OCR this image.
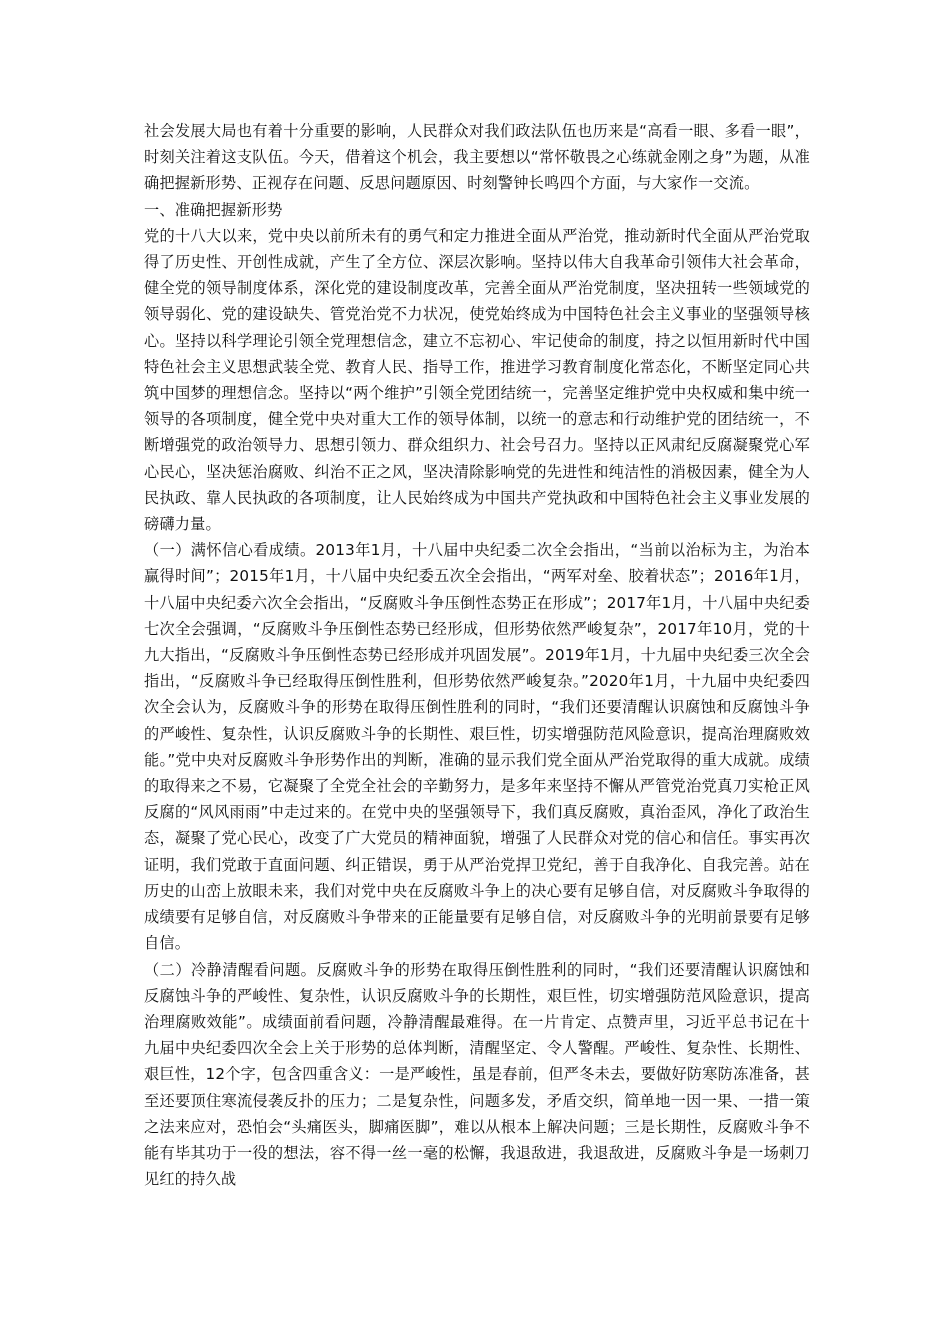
社会发展大局也有着十分重要的影响，人民群众对我们政法队伍也历来是“高看一眼、多看一眼”，时刻关注着这支队伍。今天，借着这个机会，我主要想以“常怀敬畏之心练就金刚之身”为题，从准确把握新形势、正视存在问题、反思问题原因、时刻警钟长鸣四个方面，与大家作一交流。

一、准确把握新形势

党的十八大以来，党中央以前所未有的勇气和定力推进全面从严治党，推动新时代全面从严治党取得了历史性、开创性成就，产生了全方位、深层次影响。坚持以伟大自我革命引领伟大社会革命，健全党的领导制度体系，深化党的建设制度改革，完善全面从严治党制度，坚决扭转一些领域党的领导弱化、党的建设缺失、管党治党不力状况，使党始终成为中国特色社会主义事业的坚强领导核心。坚持以科学理论引领全党理想信念，建立不忘初心、牢记使命的制度，持之以恒用新时代中国特色社会主义思想武装全党、教育人民、指导工作，推进学习教育制度化常态化，不断坚定同心共筑中国梦的理想信念。坚持以“两个维护”引领全党团结统一，完善坚定维护党中央权威和集中统一领导的各项制度，健全党中央对重大工作的领导体制，以统一的意志和行动维护党的团结统一，不断增强党的政治领导力、思想引领力、群众组织力、社会号召力。坚持以正风肃纪反腐凝聚党心军心民心，坚决惩治腐败、纠治不正之风，坚决清除影响党的先进性和纯洁性的消极因素，健全为人民执政、靠人民执政的各项制度，让人民始终成为中国共产党执政和中国特色社会主义事业发展的磅礴力量。

（一）满怀信心看成绩。2013年1月，十八届中央纪委二次全会指出，“当前以治标为主，为治本赢得时间”；2015年1月，十八届中央纪委五次全会指出，“两军对垒、胶着状态”；2016年1月，十八届中央纪委六次全会指出，“反腐败斗争压倒性态势正在形成”；2017年1月，十八届中央纪委七次全会强调，“反腐败斗争压倒性态势已经形成，但形势依然严峻复杂”，2017年10月，党的十九大指出，“反腐败斗争压倒性态势已经形成并巩固发展”。2019年1月，十九届中央纪委三次全会指出，“反腐败斗争已经取得压倒性胜利，但形势依然严峻复杂。”2020年1月，十九届中央纪委四次全会认为，反腐败斗争的形势在取得压倒性胜利的同时，“我们还要清醒认识腐蚀和反腐蚀斗争的严峻性、复杂性，认识反腐败斗争的长期性、艰巨性，切实增强防范风险意识，提高治理腐败效能。”党中央对反腐败斗争形势作出的判断，准确的显示我们党全面从严治党取得的重大成就。成绩的取得来之不易，它凝聚了全党全社会的辛勤努力，是多年来坚持不懈从严管党治党真刀实枪正风反腐的“风风雨雨”中走过来的。在党中央的坚强领导下，我们真反腐败，真治歪风，净化了政治生态，凝聚了党心民心，改变了广大党员的精神面貌，增强了人民群众对党的信心和信任。事实再次证明，我们党敢于直面问题、纠正错误，勇于从严治党捍卫党纪，善于自我净化、自我完善。站在历史的山峦上放眼未来，我们对党中央在反腐败斗争上的决心要有足够自信，对反腐败斗争取得的成绩要有足够自信，对反腐败斗争带来的正能量要有足够自信，对反腐败斗争的光明前景要有足够自信。

（二）冷静清醒看问题。反腐败斗争的形势在取得压倒性胜利的同时，“我们还要清醒认识腐蚀和反腐蚀斗争的严峻性、复杂性，认识反腐败斗争的长期性，艰巨性，切实增强防范风险意识，提高治理腐败效能”。成绩面前看问题，冷静清醒最难得。在一片肯定、点赞声里，习近平总书记在十九届中央纪委四次全会上关于形势的总体判断，清醒坚定、令人警醒。严峻性、复杂性、长期性、艰巨性，12个字，包含四重含义：一是严峻性，虽是春前，但严冬未去，要做好防寒防冻准备，甚至还要顶住寒流侵袭反扑的压力；二是复杂性，问题多发，矛盾交织，简单地一因一果、一措一策之法来应对，恐怕会“头痛医头，脚痛医脚”，难以从根本上解决问题；三是长期性，反腐败斗争不能有毕其功于一役的想法，容不得一丝一毫的松懈，我退敌进，我退敌进，反腐败斗争是一场刺刀见红的持久战
